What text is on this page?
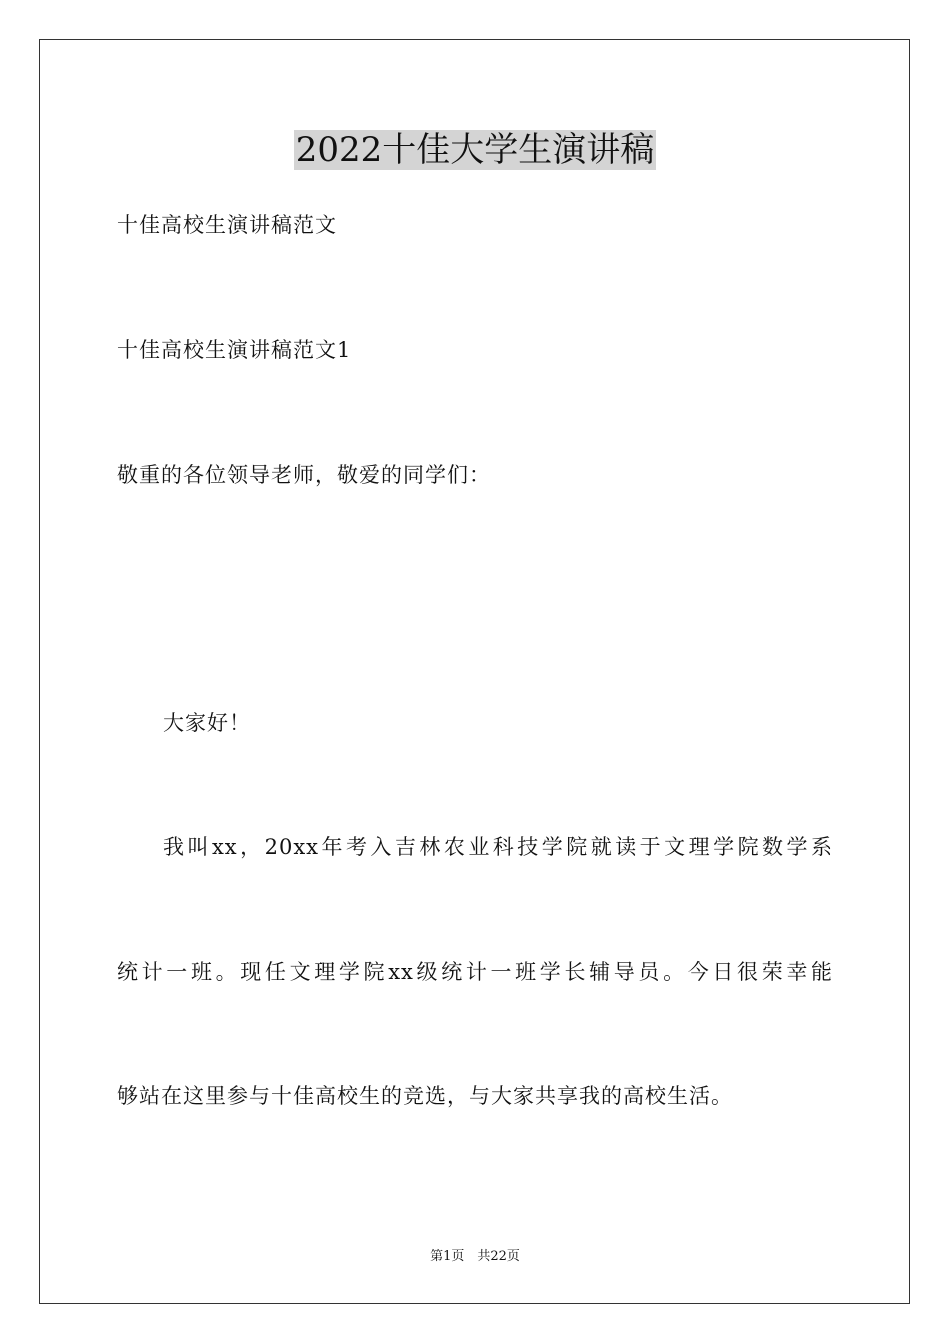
2022十佳大学生演讲稿
十佳高校生演讲稿范文
十佳高校生演讲稿范文1
敬重的各位领导老师，敬爱的同学们：
大家好！
我叫xx，20xx年考入吉林农业科技学院就读于文理学院数学系
统计一班。现任文理学院xx级统计一班学长辅导员。今日很荣幸能
够站在这里参与十佳高校生的竞选，与大家共享我的高校生活。
第1页　共22页
